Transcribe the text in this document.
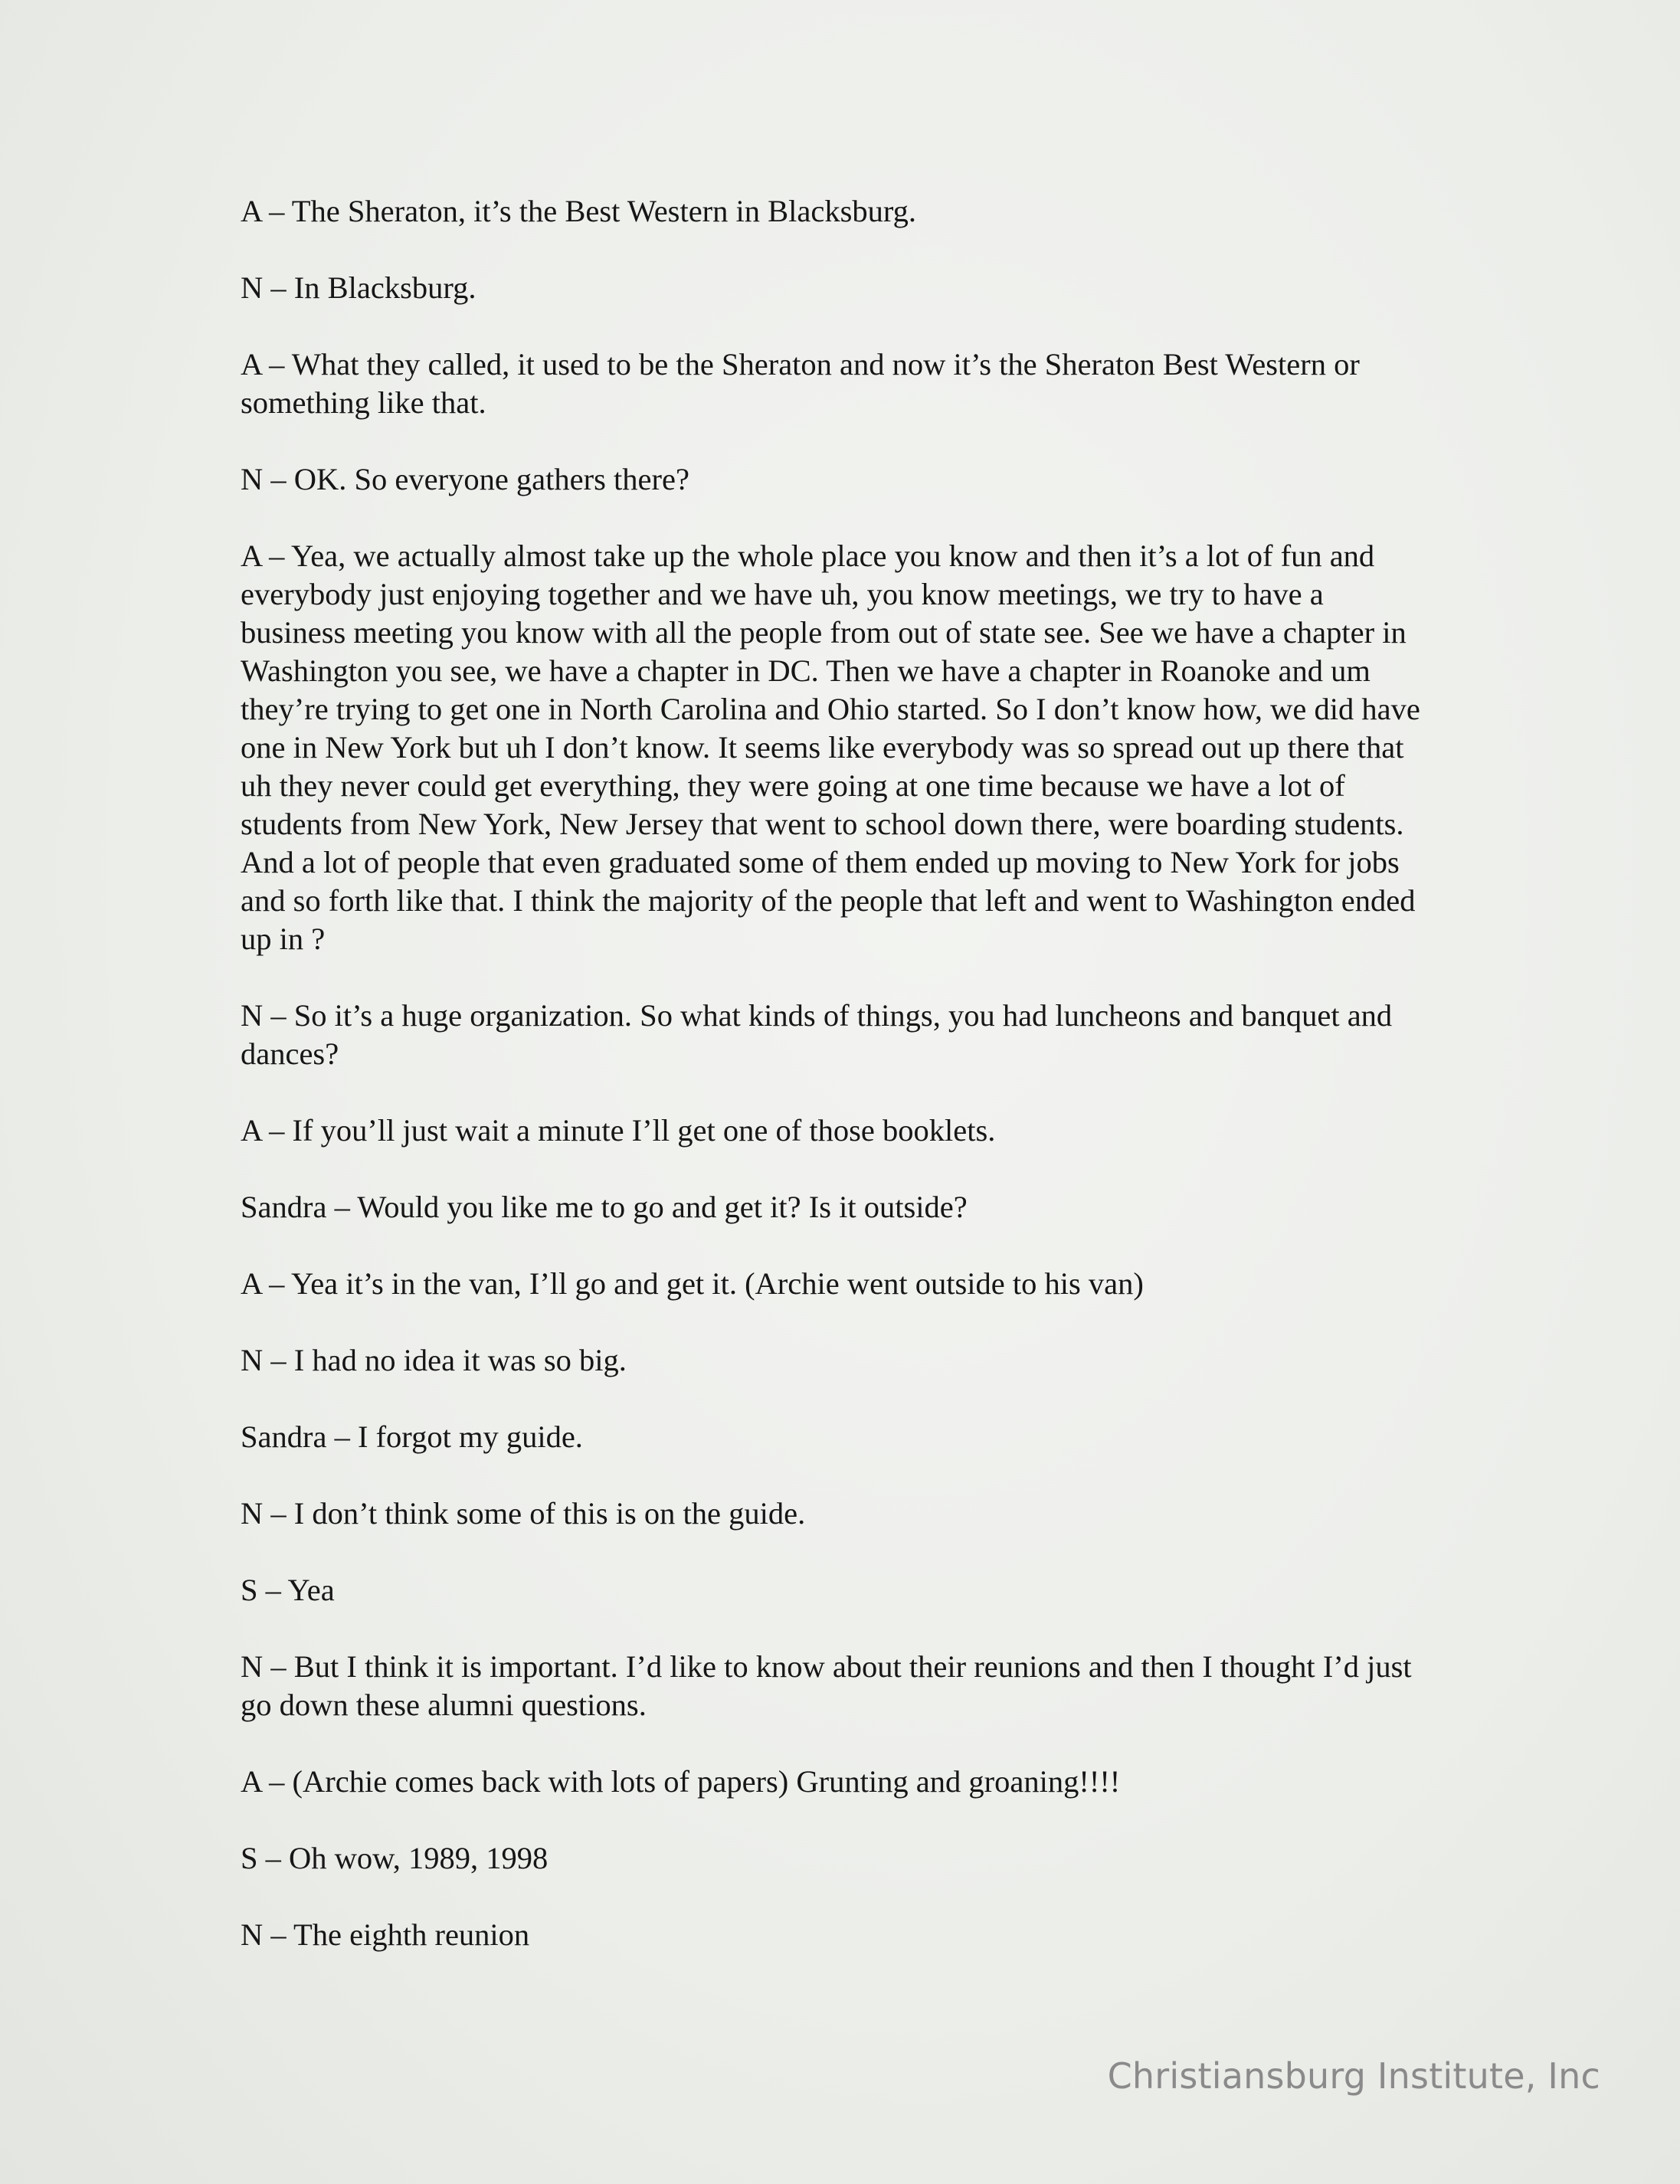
A – The Sheraton, it’s the Best Western in Blacksburg.

N – In Blacksburg.

A – What they called, it used to be the Sheraton and now it’s the Sheraton Best Western or something like that.

N – OK. So everyone gathers there?

A – Yea, we actually almost take up the whole place you know and then it’s a lot of fun and everybody just enjoying together and we have uh, you know meetings, we try to have a business meeting you know with all the people from out of state see. See we have a chapter in Washington you see, we have a chapter in DC. Then we have a chapter in Roanoke and um they’re trying to get one in North Carolina and Ohio started. So I don’t know how, we did have one in New York but uh I don’t know. It seems like everybody was so spread out up there that uh they never could get everything, they were going at one time because we have a lot of students from New York, New Jersey that went to school down there, were boarding students. And a lot of people that even graduated some of them ended up moving to New York for jobs and so forth like that. I think the majority of the people that left and went to Washington ended up in ?

N – So it’s a huge organization. So what kinds of things, you had luncheons and banquet and dances?

A – If you’ll just wait a minute I’ll get one of those booklets.

Sandra – Would you like me to go and get it? Is it outside?

A – Yea it’s in the van, I’ll go and get it. (Archie went outside to his van)

N – I had no idea it was so big.

Sandra – I forgot my guide.

N – I don’t think some of this is on the guide.

S – Yea

N – But I think it is important. I’d like to know about their reunions and then I thought I’d just go down these alumni questions.

A – (Archie comes back with lots of papers) Grunting and groaning!!!!

S – Oh wow, 1989, 1998

N – The eighth reunion

Christiansburg Institute, Inc
